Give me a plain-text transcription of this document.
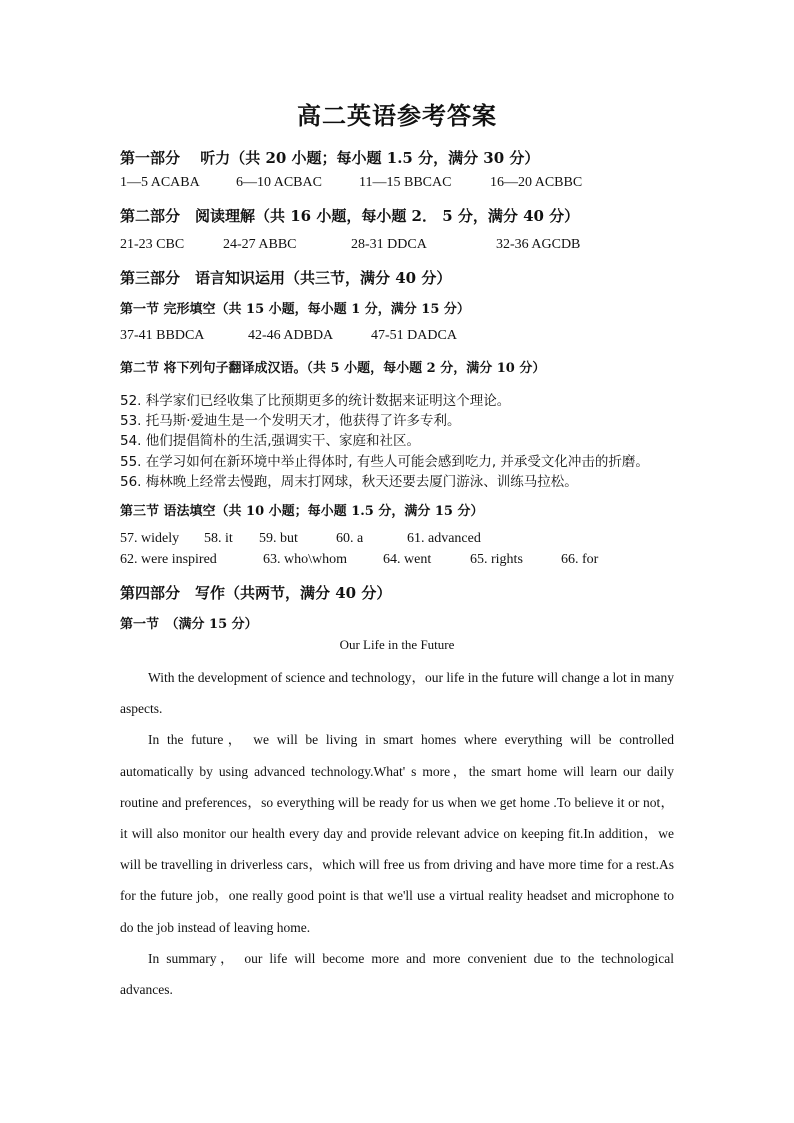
高二英语参考答案
第一部分　 听力（共 20 小题；每小题 1.5 分，满分 30 分）
1—5 ACABA	6—10 ACBAC	11—15 BBCAC	16—20 ACBBC
第二部分　阅读理解（共 16 小题，每小题 2． 5 分，满分 40 分）
21-23 CBC	24-27 ABBC	28-31 DDCA	32-36 AGCDB
第三部分　语言知识运用（共三节，满分 40 分）
第一节 完形填空（共 15 小题，每小题 1 分，满分 15 分）
37-41 BBDCA	42-46 ADBDA	47-51 DADCA
第二节 将下列句子翻译成汉语。（共 5 小题，每小题 2 分，满分 10 分）
52. 科学家们已经收集了比预期更多的统计数据来证明这个理论。
53. 托马斯·爱迪生是一个发明天才，他获得了许多专利。
54. 他们提倡简朴的生活,强调实干、家庭和社区。
55. 在学习如何在新环境中举止得体时, 有些人可能会感到吃力, 并承受文化冲击的折磨。
56. 梅林晚上经常去慢跑，周末打网球，秋天还要去厦门游泳、训练马拉松。
第三节 语法填空（共 10 小题；每小题 1.5 分，满分 15 分）
57. widely 58. it 59. but	60. a	61. advanced
62. were inspired	63. who\whom	64. went	65. rights	66. for
第四部分　写作（共两节，满分 40 分）
第一节　（满分 15 分）
Our Life in the Future

With the development of science and technology，our life in the future will change a lot in many aspects.

In the future， we will be living in smart homes where everything will be controlled automatically by using advanced technology.What' s more，the smart home will learn our daily routine and preferences，so everything will be ready for us when we get home .To believe it or not， it will also monitor our health every day and provide relevant advice on keeping fit.In addition，we will be travelling in driverless cars，which will free us from driving and have more time for a rest.As for the future job，one really good point is that we'll use a virtual reality headset and microphone to do the job instead of leaving home.

In summary， our life will become more and more convenient due to the technological advances.
